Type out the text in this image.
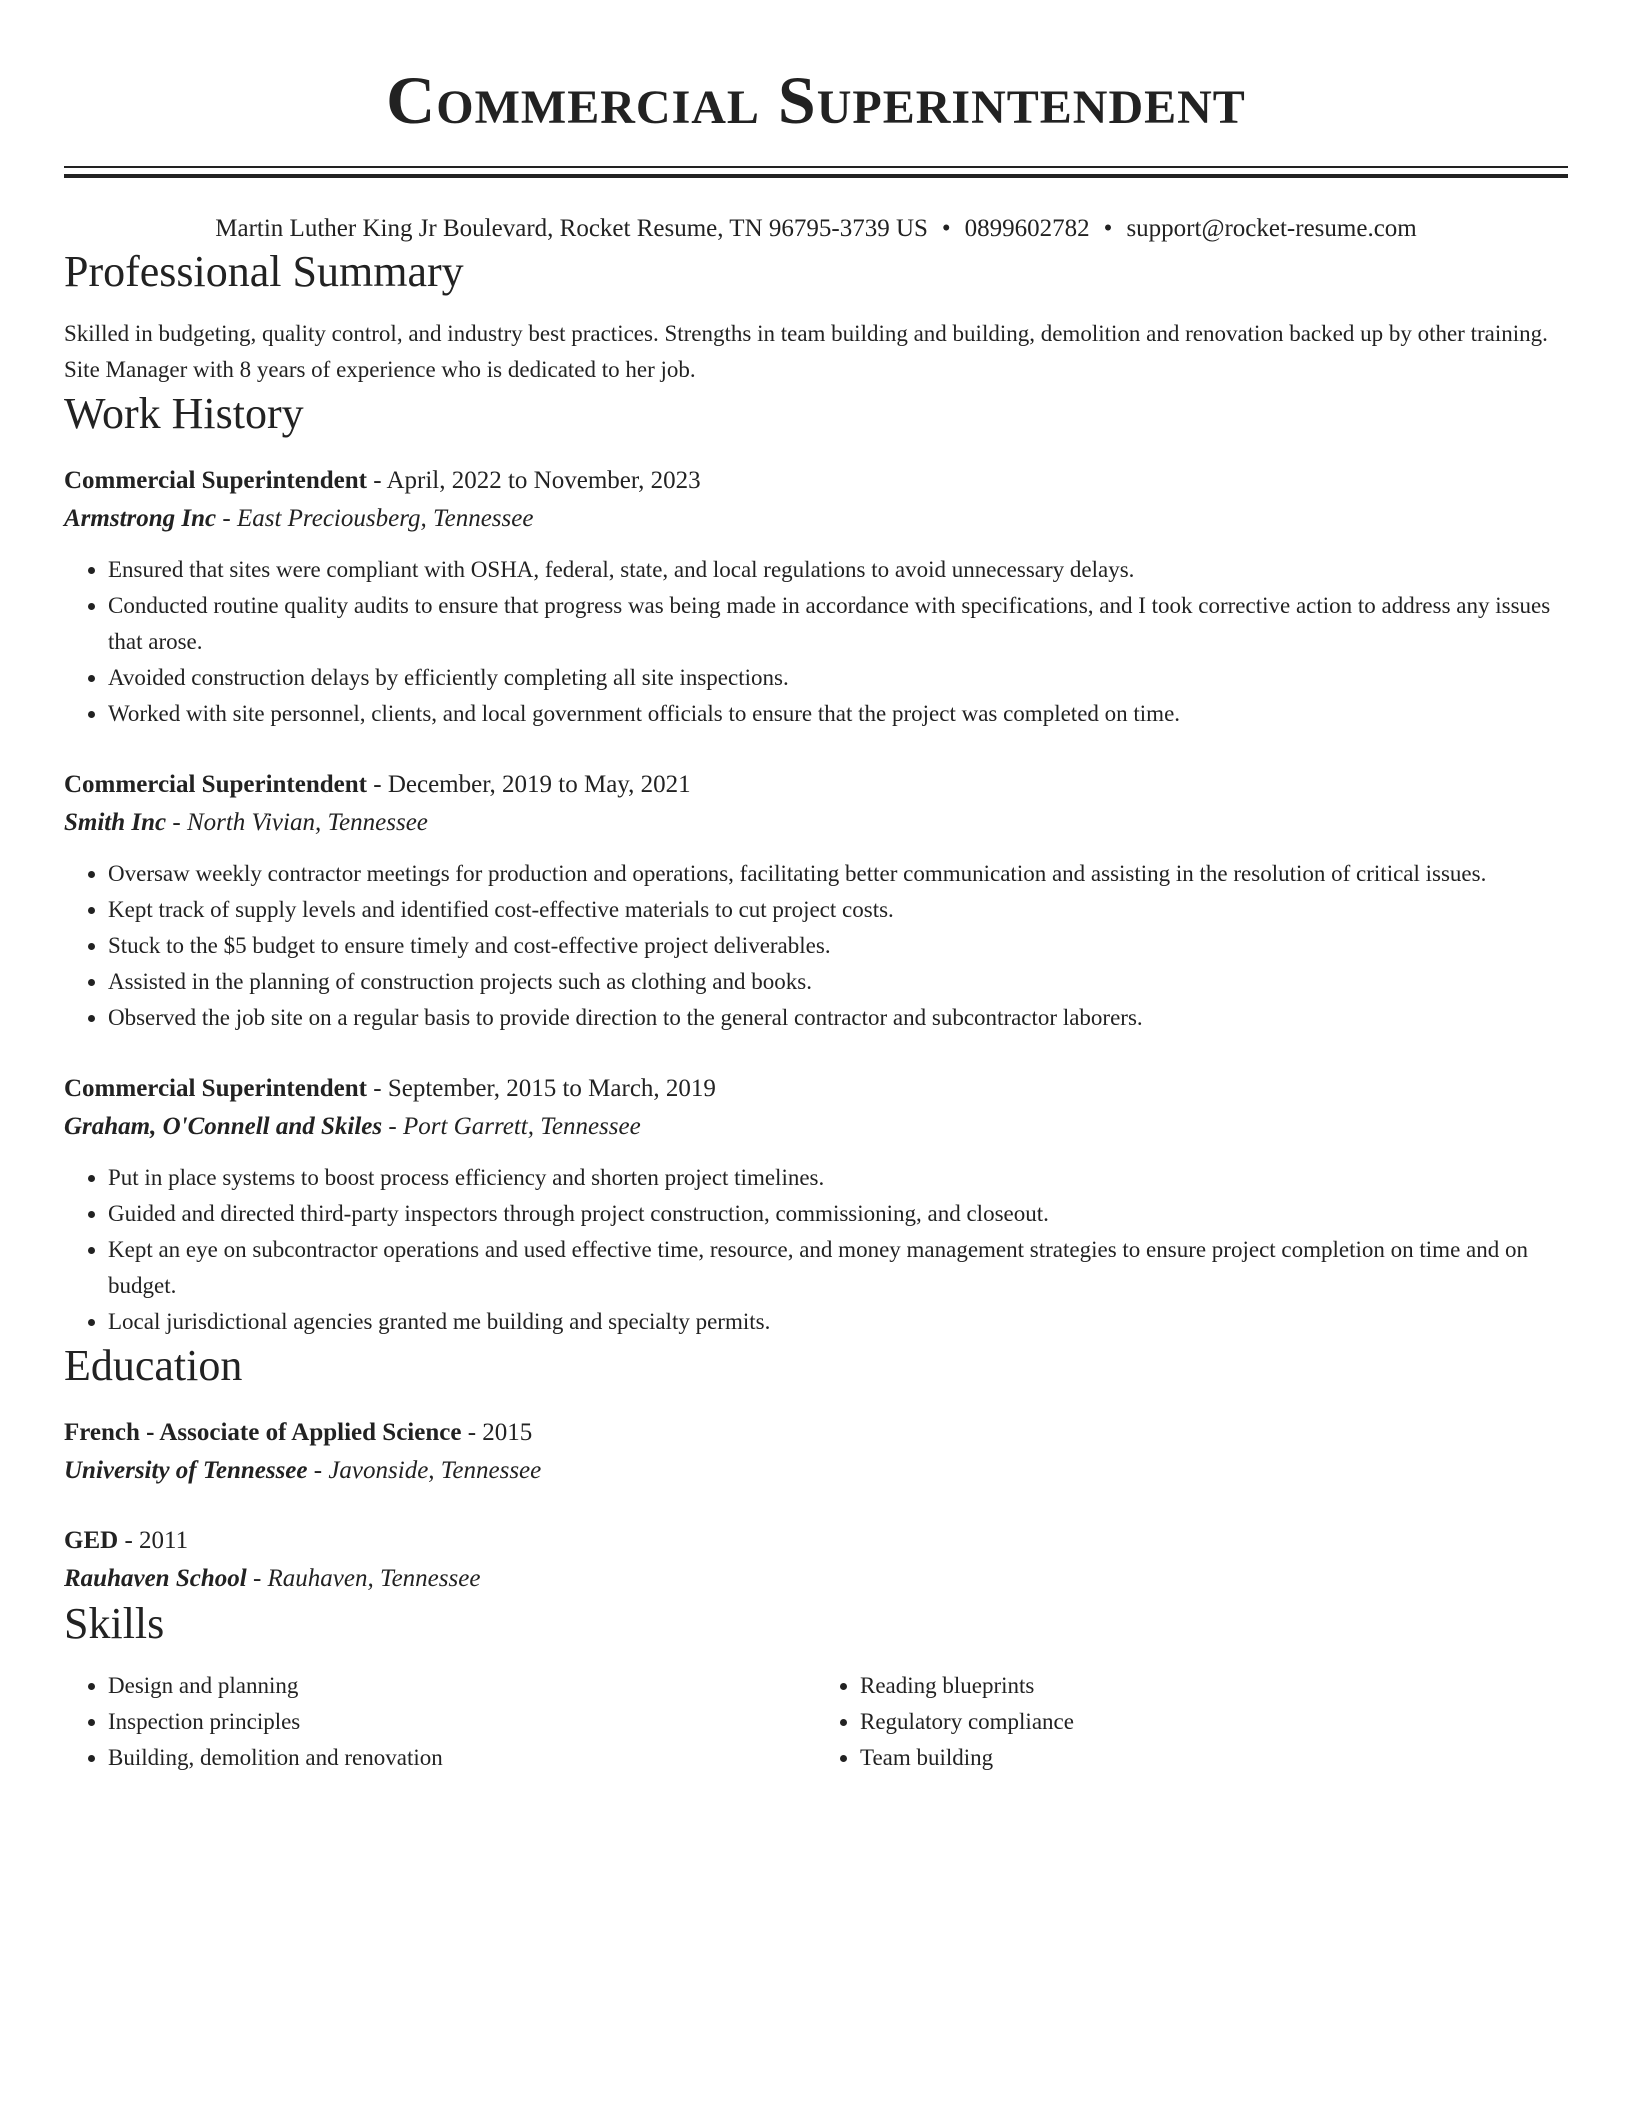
Commercial Superintendent
Martin Luther King Jr Boulevard, Rocket Resume, TN 96795-3739 US • 0899602782 • support@rocket-resume.com
Professional Summary

Skilled in budgeting, quality control, and industry best practices. Strengths in team building and building, demolition and renovation backed up by other training. Site Manager with 8 years of experience who is dedicated to her job.

Work History
Commercial Superintendent - April, 2022 to November, 2023
Armstrong Inc - East Preciousberg, Tennessee
• Ensured that sites were compliant with OSHA, federal, state, and local regulations to avoid unnecessary delays.
• Conducted routine quality audits to ensure that progress was being made in accordance with specifications, and I took corrective action to address any issues that arose.
• Avoided construction delays by efficiently completing all site inspections.
• Worked with site personnel, clients, and local government officials to ensure that the project was completed on time.
Commercial Superintendent - December, 2019 to May, 2021
Smith Inc - North Vivian, Tennessee
• Oversaw weekly contractor meetings for production and operations, facilitating better communication and assisting in the resolution of critical issues.
• Kept track of supply levels and identified cost-effective materials to cut project costs.
• Stuck to the $5 budget to ensure timely and cost-effective project deliverables.
• Assisted in the planning of construction projects such as clothing and books.
• Observed the job site on a regular basis to provide direction to the general contractor and subcontractor laborers.
Commercial Superintendent - September, 2015 to March, 2019
Graham, O'Connell and Skiles - Port Garrett, Tennessee
• Put in place systems to boost process efficiency and shorten project timelines.
• Guided and directed third-party inspectors through project construction, commissioning, and closeout.
• Kept an eye on subcontractor operations and used effective time, resource, and money management strategies to ensure project completion on time and on budget.
• Local jurisdictional agencies granted me building and specialty permits.
Education
French - Associate of Applied Science - 2015
University of Tennessee - Javonside, Tennessee
GED - 2011
Rauhaven School - Rauhaven, Tennessee
Skills
• Design and planning
• Inspection principles
• Building, demolition and renovation
• Reading blueprints
• Regulatory compliance
• Team building
